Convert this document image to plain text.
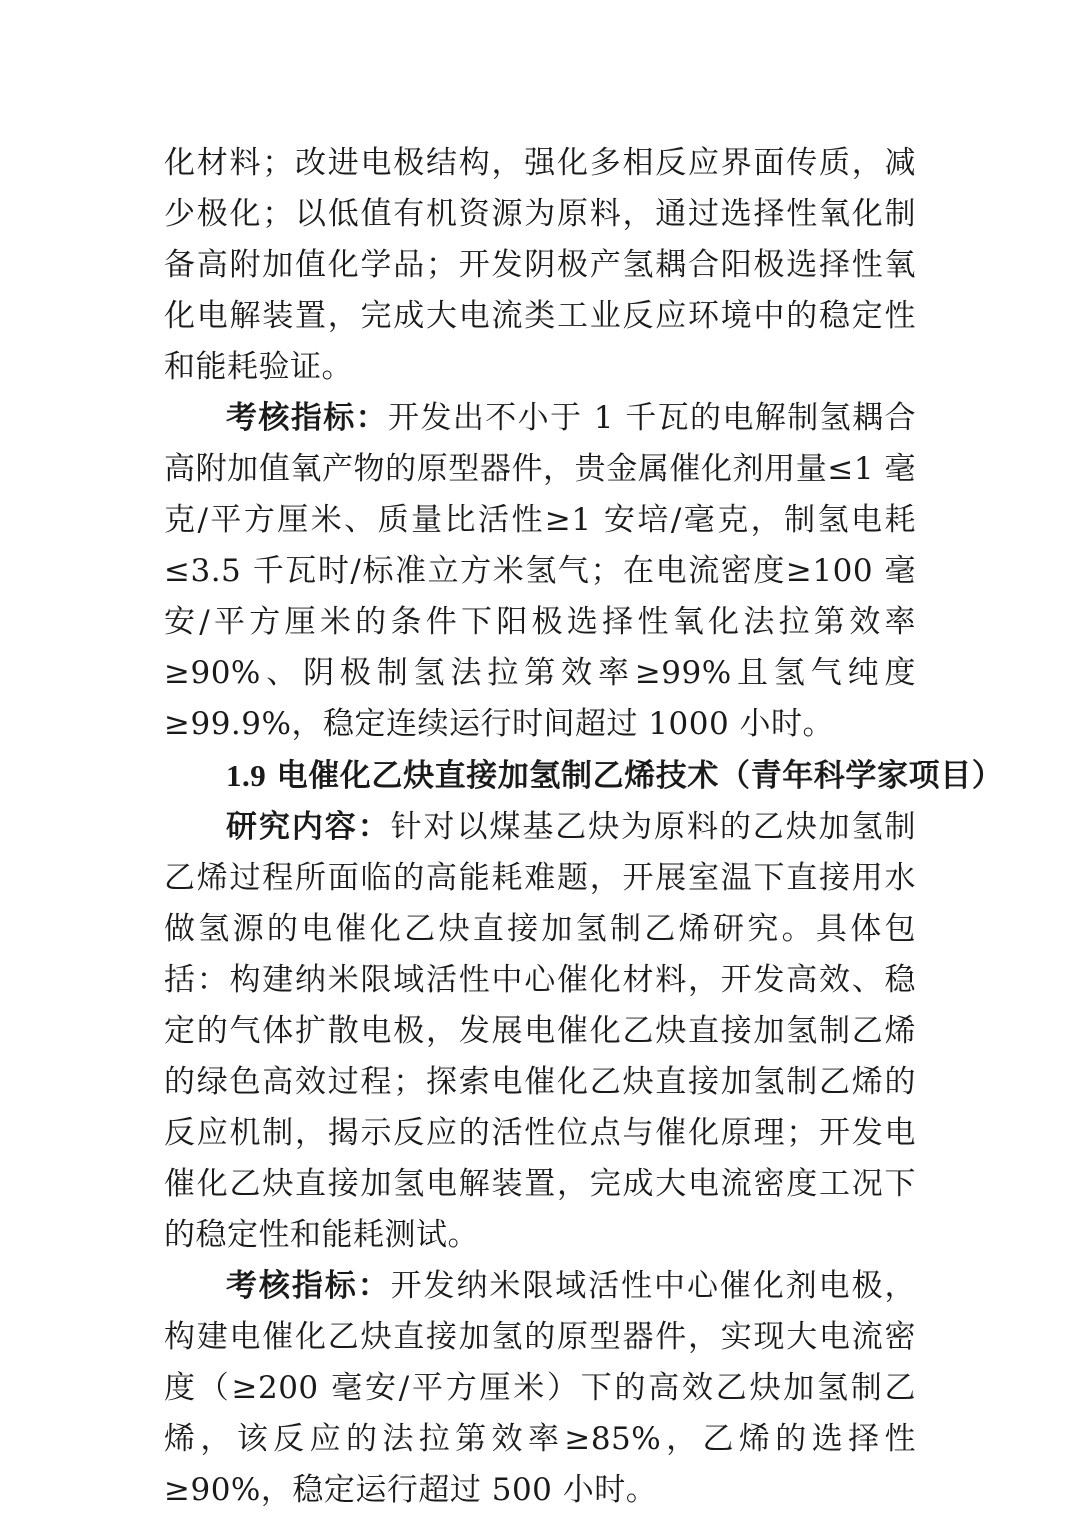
化材料；改进电极结构，强化多相反应界面传质，减少极化；以低值有机资源为原料，通过选择性氧化制备高附加值化学品；开发阴极产氢耦合阳极选择性氧化电解装置，完成大电流类工业反应环境中的稳定性和能耗验证。

考核指标：开发出不小于 1 千瓦的电解制氢耦合高附加值氧产物的原型器件，贵金属催化剂用量≤1 毫克/平方厘米、质量比活性≥1 安培/毫克，制氢电耗≤3.5 千瓦时/标准立方米氢气；在电流密度≥100 毫安/平方厘米的条件下阳极选择性氧化法拉第效率≥90%、阴极制氢法拉第效率≥99%且氢气纯度≥99.9%，稳定连续运行时间超过 1000 小时。

1.9 电催化乙炔直接加氢制乙烯技术（青年科学家项目）

研究内容：针对以煤基乙炔为原料的乙炔加氢制乙烯过程所面临的高能耗难题，开展室温下直接用水做氢源的电催化乙炔直接加氢制乙烯研究。具体包括：构建纳米限域活性中心催化材料，开发高效、稳定的气体扩散电极，发展电催化乙炔直接加氢制乙烯的绿色高效过程；探索电催化乙炔直接加氢制乙烯的反应机制，揭示反应的活性位点与催化原理；开发电催化乙炔直接加氢电解装置，完成大电流密度工况下的稳定性和能耗测试。

考核指标：开发纳米限域活性中心催化剂电极，构建电催化乙炔直接加氢的原型器件，实现大电流密度（≥200 毫安/平方厘米）下的高效乙炔加氢制乙烯，该反应的法拉第效率≥85%，乙烯的选择性≥90%，稳定运行超过 500 小时。
